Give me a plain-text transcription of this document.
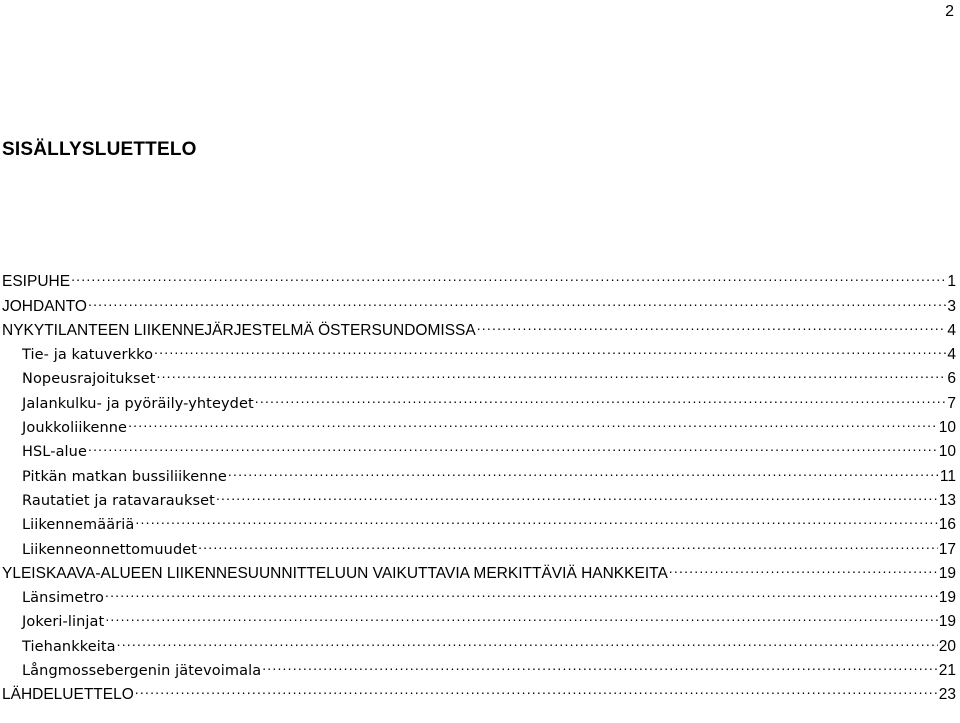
2
SISÄLLYSLUETTELO
ESIPUHE .....	1
JOHDANTO .....	3
NYKYTILANTEEN LIIKENNEJÄRJESTELMÄ ÖSTERSUNDOMISSA .....	4
Tie- ja katuverkko .....	4
Nopeusrajoitukset .....	6
Jalankulku- ja pyöräily-yhteydet .....	7
Joukkoliikenne .....	10
HSL-alue .....	10
Pitkän matkan bussiliikenne .....	11
Rautatiet ja ratavaraukset .....	13
Liikennemääriä .....	16
Liikenneonnettomuudet .....	17
YLEISKAAVA-ALUEEN LIIKENNESUUNNITTELUUN VAIKUTTAVIA MERKITTÄVIÄ HANKKEITA .....	19
Länsimetro .....	19
Jokeri-linjat .....	19
Tiehankkeita .....	20
Långmossebergenin jätevoimala .....	21
LÄHDELUETTELO .....	23
